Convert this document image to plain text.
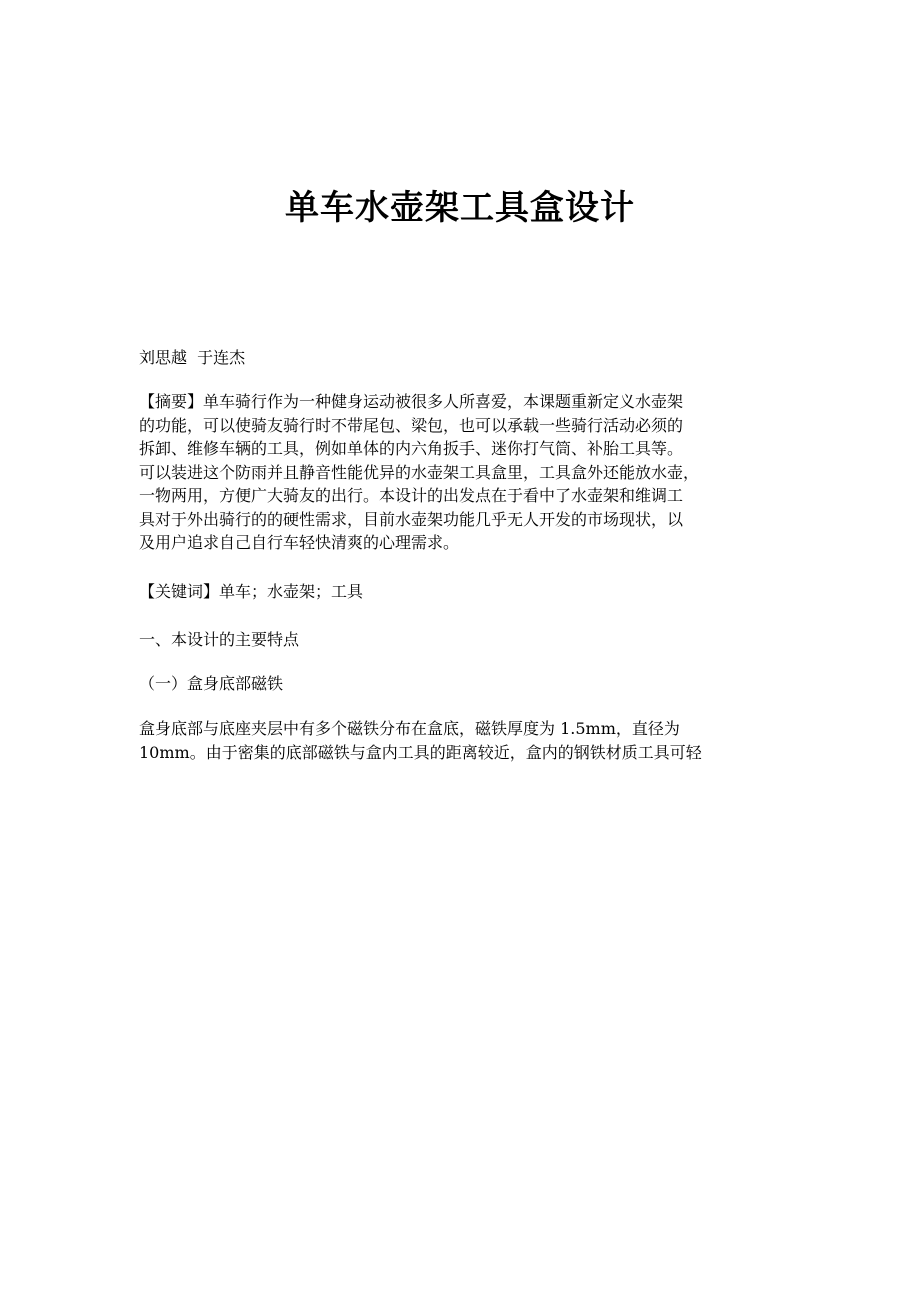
单车水壶架工具盒设计

刘思越  于连杰

【摘要】单车骑行作为一种健身运动被很多人所喜爱，本课题重新定义水壶架
的功能，可以使骑友骑行时不带尾包、梁包，也可以承载一些骑行活动必须的
拆卸、维修车辆的工具，例如单体的内六角扳手、迷你打气筒、补胎工具等。
可以装进这个防雨并且静音性能优异的水壶架工具盒里，工具盒外还能放水壶，
一物两用，方便广大骑友的出行。本设计的出发点在于看中了水壶架和维调工
具对于外出骑行的的硬性需求，目前水壶架功能几乎无人开发的市场现状，以
及用户追求自己自行车轻快清爽的心理需求。

【关键词】单车；水壶架；工具

一、本设计的主要特点

（一）盒身底部磁铁

盒身底部与底座夹层中有多个磁铁分布在盒底，磁铁厚度为 1.5mm，直径为
10mm。由于密集的底部磁铁与盒内工具的距离较近，盒内的钢铁材质工具可轻
